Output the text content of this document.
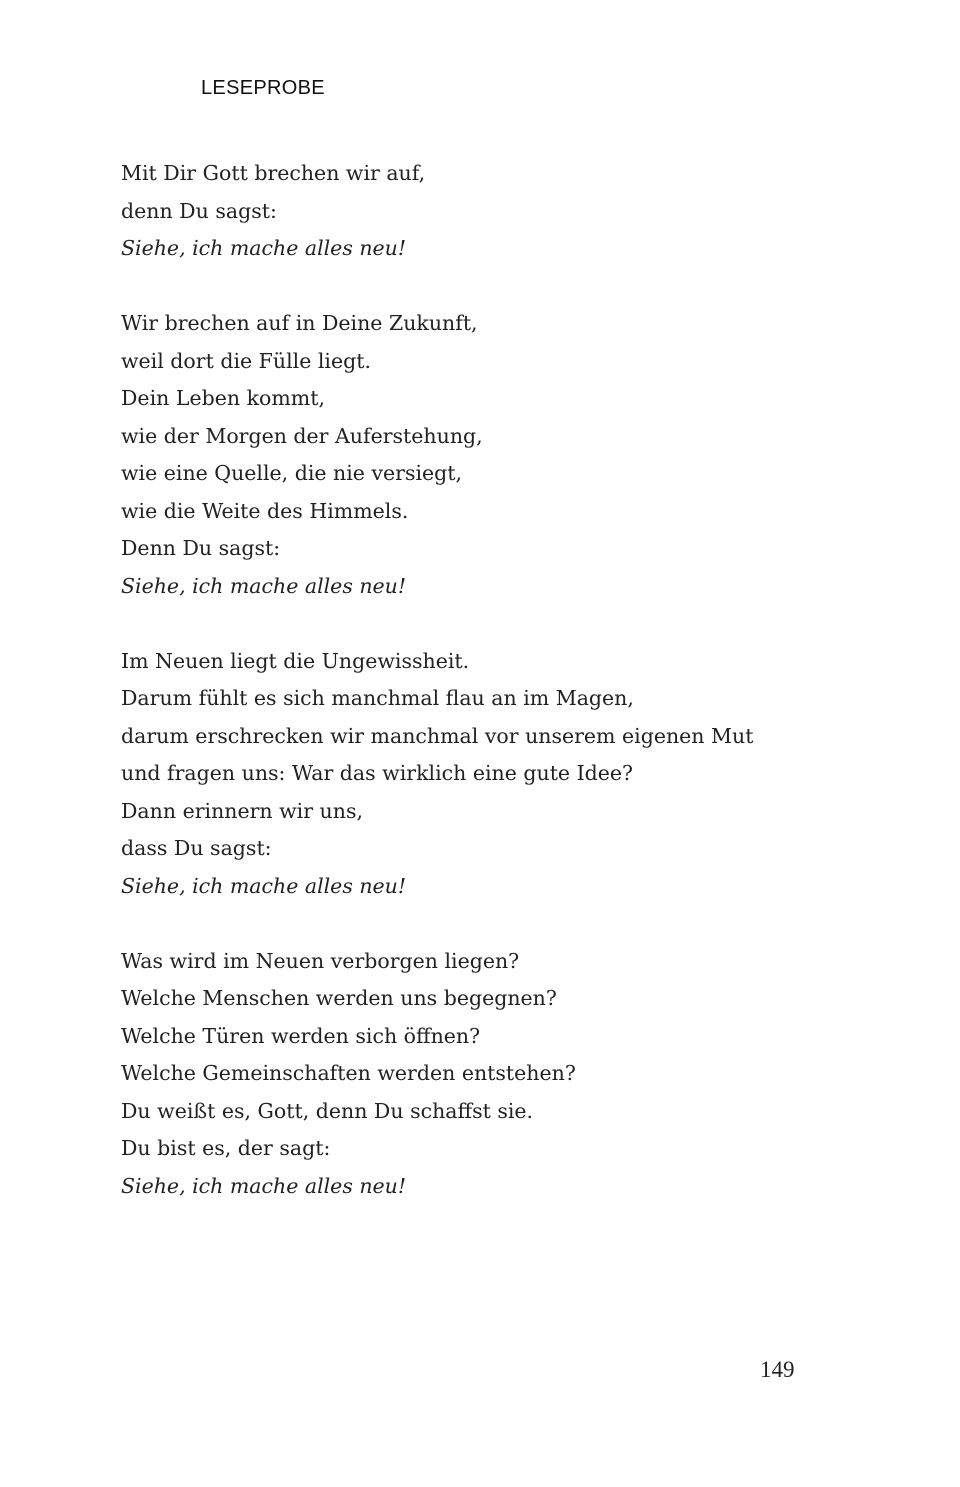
LESEPROBE
Mit Dir Gott brechen wir auf,
denn Du sagst:
Siehe, ich mache alles neu!
Wir brechen auf in Deine Zukunft,
weil dort die Fülle liegt.
Dein Leben kommt,
wie der Morgen der Auferstehung,
wie eine Quelle, die nie versiegt,
wie die Weite des Himmels.
Denn Du sagst:
Siehe, ich mache alles neu!
Im Neuen liegt die Ungewissheit.
Darum fühlt es sich manchmal flau an im Magen,
darum erschrecken wir manchmal vor unserem eigenen Mut
und fragen uns: War das wirklich eine gute Idee?
Dann erinnern wir uns,
dass Du sagst:
Siehe, ich mache alles neu!
Was wird im Neuen verborgen liegen?
Welche Menschen werden uns begegnen?
Welche Türen werden sich öffnen?
Welche Gemeinschaften werden entstehen?
Du weißt es, Gott, denn Du schaffst sie.
Du bist es, der sagt:
Siehe, ich mache alles neu!
149
